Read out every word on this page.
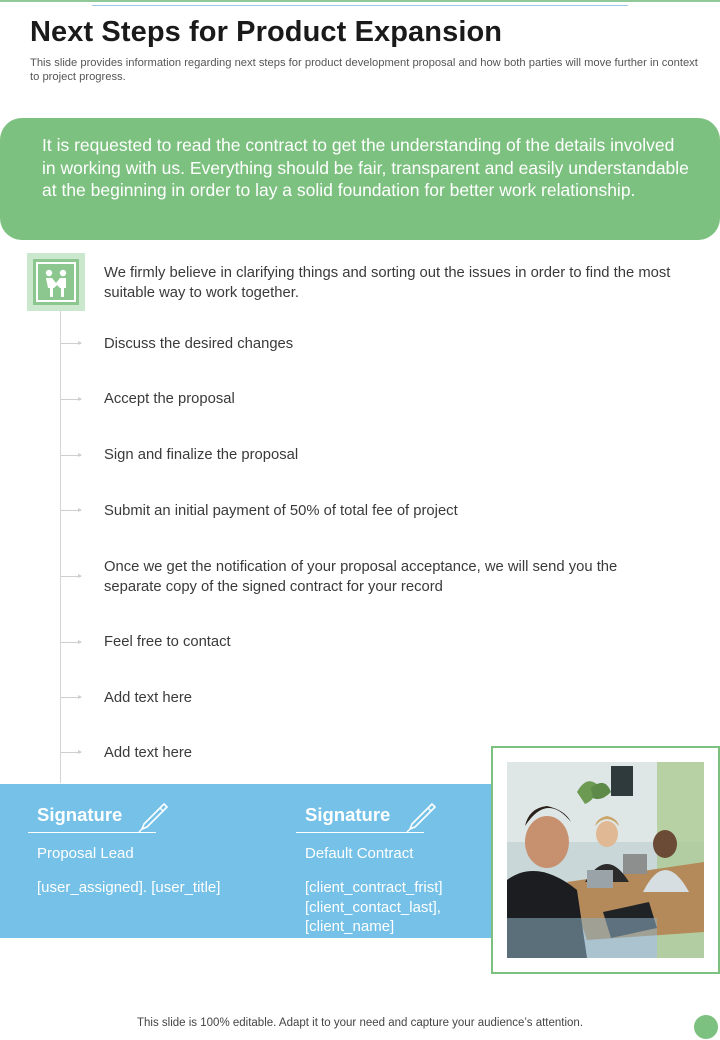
Next Steps for Product Expansion

This slide provides information regarding next steps for product development proposal and how both parties will move further in context to project progress.

It is requested to read the contract to get the understanding of the details involved in working with us. Everything should be fair, transparent and easily understandable at the beginning in order to lay a solid foundation for better work relationship.

We firmly believe in clarifying things and sorting out the issues in order to find the most suitable way to work together.

Discuss the desired changes

Accept the proposal

Sign and finalize the proposal

Submit an initial payment of 50% of total fee of project

Once we get the notification of your proposal acceptance, we will send you the separate copy of the signed contract for your record

Feel free to contact

Add text here

Add text here

Signature
Proposal Lead
[user_assigned]. [user_title]
Signature
Default Contract
[client_contract_frist]
[client_contact_last],
[client_name]

This slide is 100% editable. Adapt it to your need and capture your audience’s attention.
